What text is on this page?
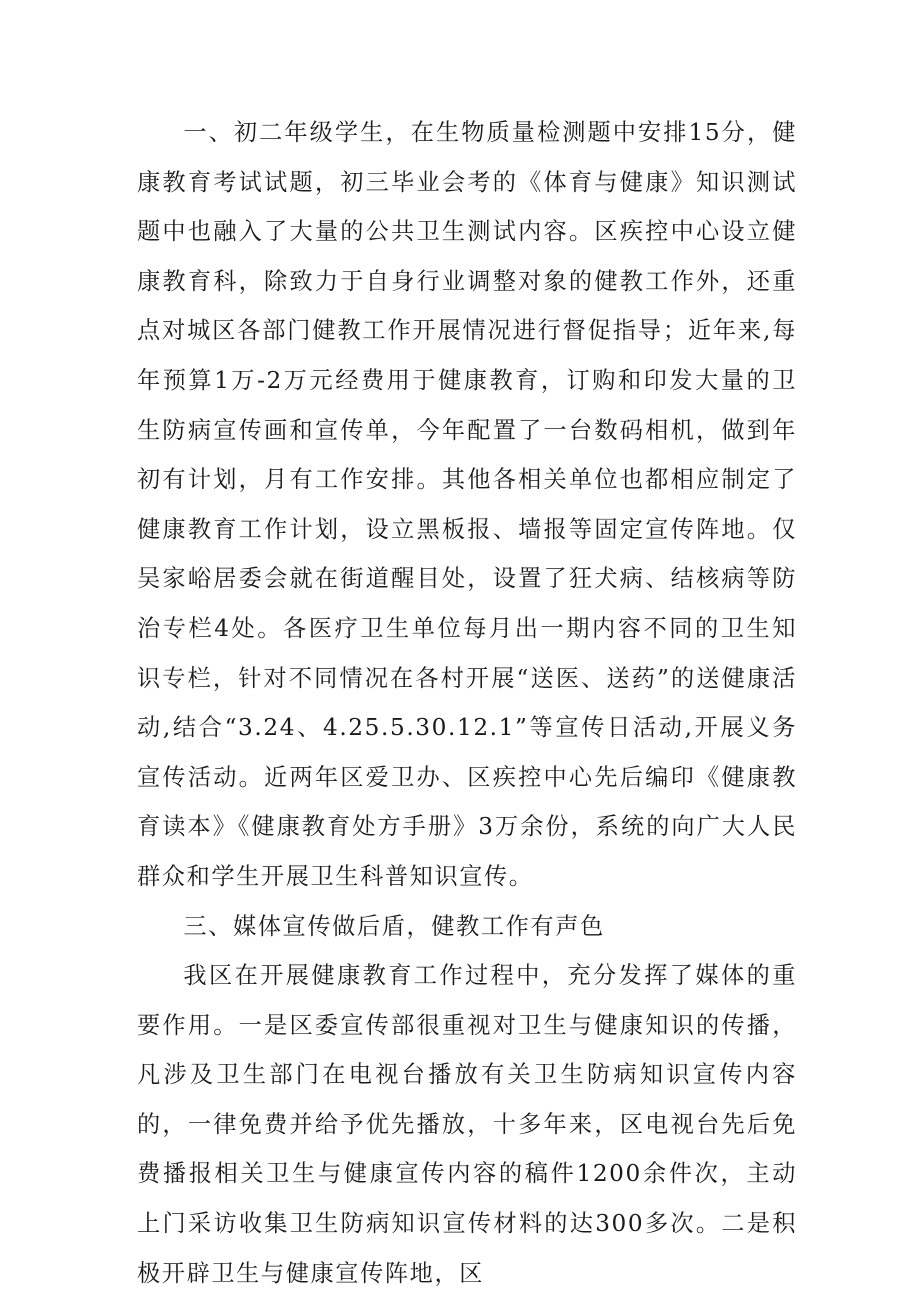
一、初二年级学生，在生物质量检测题中安排15分，健康教育考试试题，初三毕业会考的《体育与健康》知识测试题中也融入了大量的公共卫生测试内容。区疾控中心设立健康教育科，除致力于自身行业调整对象的健教工作外，还重点对城区各部门健教工作开展情况进行督促指导；近年来,每年预算1万-2万元经费用于健康教育，订购和印发大量的卫生防病宣传画和宣传单，今年配置了一台数码相机，做到年初有计划，月有工作安排。其他各相关单位也都相应制定了健康教育工作计划，设立黑板报、墙报等固定宣传阵地。仅吴家峪居委会就在街道醒目处，设置了狂犬病、结核病等防治专栏4处。各医疗卫生单位每月出一期内容不同的卫生知识专栏，针对不同情况在各村开展“送医、送药”的送健康活动,结合“3.24、4.25.5.30.12.1”等宣传日活动,开展义务宣传活动。近两年区爱卫办、区疾控中心先后编印《健康教育读本》《健康教育处方手册》3万余份，系统的向广大人民群众和学生开展卫生科普知识宣传。

三、媒体宣传做后盾，健教工作有声色

我区在开展健康教育工作过程中，充分发挥了媒体的重要作用。一是区委宣传部很重视对卫生与健康知识的传播，凡涉及卫生部门在电视台播放有关卫生防病知识宣传内容的，一律免费并给予优先播放，十多年来，区电视台先后免费播报相关卫生与健康宣传内容的稿件1200余件次，主动上门采访收集卫生防病知识宣传材料的达300多次。二是积极开辟卫生与健康宣传阵地，区
